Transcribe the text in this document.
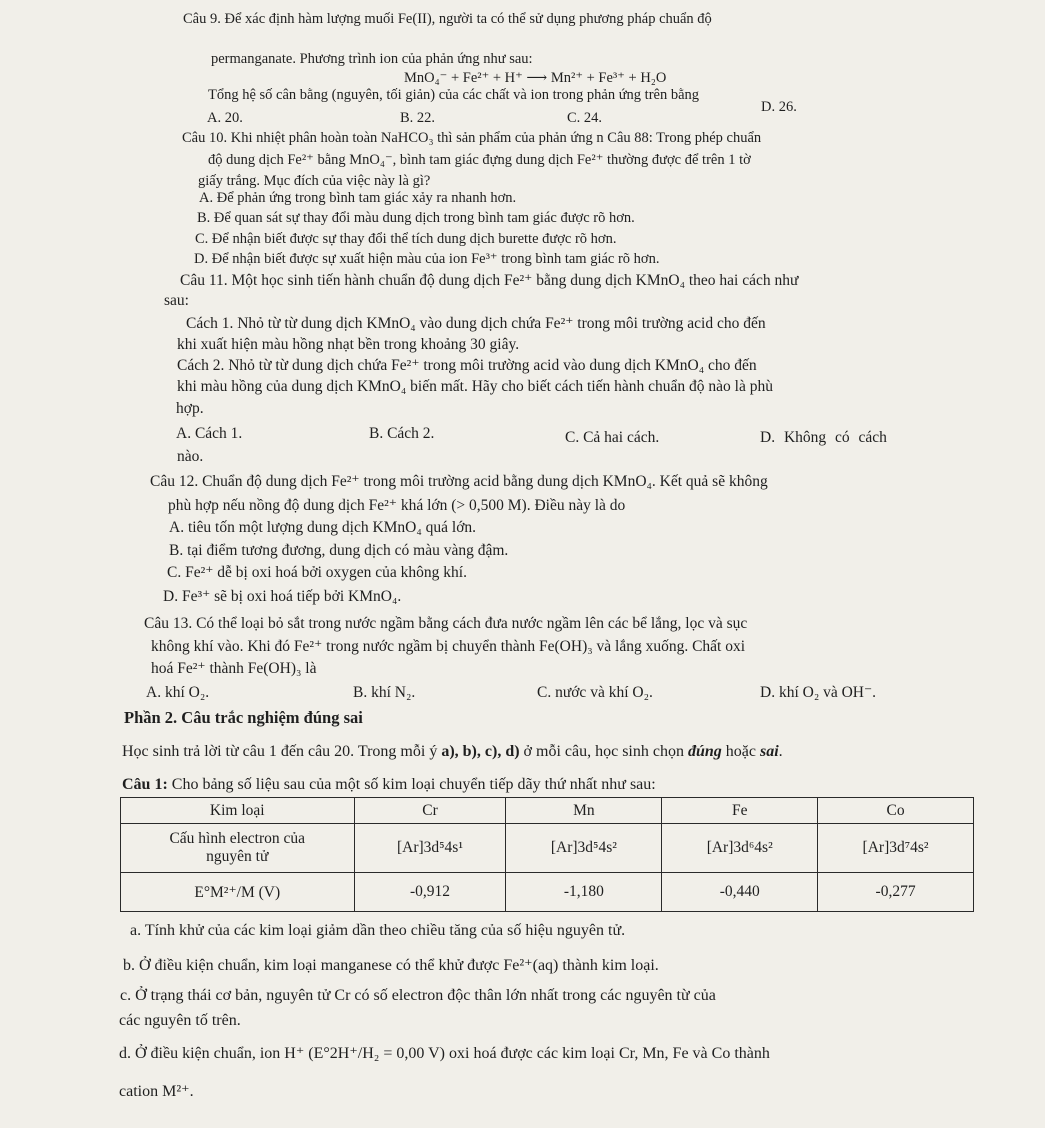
Câu 9. Để xác định hàm lượng muối Fe(II), người ta có thể sử dụng phương pháp chuẩn độ
permanganate. Phương trình ion của phản ứng như sau:
MnO₄⁻ + Fe²⁺ + H⁺ ⟶ Mn²⁺ + Fe³⁺ + H₂O
Tổng hệ số cân bằng (nguyên, tối giản) của các chất và ion trong phản ứng trên bằng
A. 20.	B. 22.	C. 24.
D. 26.
Câu 10. Khi nhiệt phân hoàn toàn NaHCO₃ thì sản phẩm của phản ứng n Câu 88: Trong phép chuẩn
độ dung dịch Fe²⁺ bằng MnO₄⁻, bình tam giác đựng dung dịch Fe²⁺ thường được để trên 1 tờ
giấy trắng. Mục đích của việc này là gì?
A. Để phản ứng trong bình tam giác xảy ra nhanh hơn.
B. Để quan sát sự thay đổi màu dung dịch trong bình tam giác được rõ hơn.
C. Để nhận biết được sự thay đổi thể tích dung dịch burette được rõ hơn.
D. Để nhận biết được sự xuất hiện màu của ion Fe³⁺ trong bình tam giác rõ hơn.
Câu 11. Một học sinh tiến hành chuẩn độ dung dịch Fe²⁺ bằng dung dịch KMnO₄ theo hai cách như
sau:
Cách 1. Nhỏ từ từ dung dịch KMnO₄ vào dung dịch chứa Fe²⁺ trong môi trường acid cho đến
khi xuất hiện màu hồng nhạt bền trong khoảng 30 giây.
Cách 2. Nhỏ từ từ dung dịch chứa Fe²⁺ trong môi trường acid vào dung dịch KMnO₄ cho đến
khi màu hồng của dung dịch KMnO₄ biến mất. Hãy cho biết cách tiến hành chuẩn độ nào là phù
hợp.
A. Cách 1.	B. Cách 2.	C. Cả hai cách.	D. Không có cách
nào.
Câu 12. Chuẩn độ dung dịch Fe²⁺ trong môi trường acid bằng dung dịch KMnO₄. Kết quả sẽ không
phù hợp nếu nồng độ dung dịch Fe²⁺ khá lớn (> 0,500 M). Điều này là do
A. tiêu tốn một lượng dung dịch KMnO₄ quá lớn.
B. tại điểm tương đương, dung dịch có màu vàng đậm.
C. Fe²⁺ dễ bị oxi hoá bởi oxygen của không khí.
D. Fe³⁺ sẽ bị oxi hoá tiếp bởi KMnO₄.
Câu 13. Có thể loại bỏ sắt trong nước ngầm bằng cách đưa nước ngầm lên các bể lắng, lọc và sục
không khí vào. Khi đó Fe²⁺ trong nước ngầm bị chuyển thành Fe(OH)₃ và lắng xuống. Chất oxi
hoá Fe²⁺ thành Fe(OH)₃ là
A. khí O₂.	B. khí N₂.	C. nước và khí O₂.	D. khí O₂ và OH⁻.
Phần 2. Câu trắc nghiệm đúng sai
Học sinh trả lời từ câu 1 đến câu 20. Trong mỗi ý a), b), c), d) ở mỗi câu, học sinh chọn đúng hoặc sai.
Câu 1: Cho bảng số liệu sau của một số kim loại chuyển tiếp dãy thứ nhất như sau:
Kim loại	Cr	Mn	Fe	Co
Cấu hình electron của
nguyên tử	[Ar]3d⁵4s¹	[Ar]3d⁵4s²	[Ar]3d⁶4s²	[Ar]3d⁷4s²
E°M²⁺/M (V)	-0,912	-1,180	-0,440	-0,277
a. Tính khử của các kim loại giảm dần theo chiều tăng của số hiệu nguyên tử.
b. Ở điều kiện chuẩn, kim loại manganese có thể khử được Fe²⁺(aq) thành kim loại.
c. Ở trạng thái cơ bản, nguyên tử Cr có số electron độc thân lớn nhất trong các nguyên từ của
các nguyên tố trên.
d. Ở điều kiện chuẩn, ion H⁺ (E°2H⁺/H₂ = 0,00 V) oxi hoá được các kim loại Cr, Mn, Fe và Co thành
cation M²⁺.
